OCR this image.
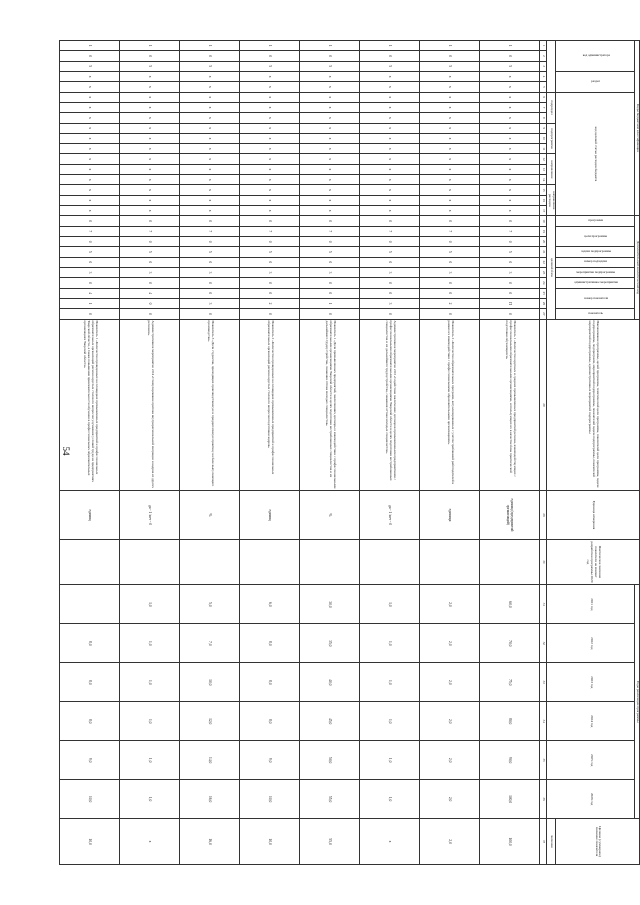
54
Коды бюджетной классификации																	Дополнительный аналитический код										Наименование программы, целей программы, тематической цели программы, показателей цели программы, задачи подпрограммы, подпрограмм, мероприятий подпрограммы, показателей задачи подпрограммы, показателей мероприятий подпрограммы, административных мероприятий подпрограммы	Единица измерения	Фактическое значение показателя на момент разработки программы 2020 год	Годы реализации программы						Целевое (суммарное) значение показателя
код администратора			раздел		код целевой статьи расходов бюджета												программа	цели программы		задачи подпрограммы	номер подзадачи	мероприятие подпрограммы	административное мероприятие	номер показателя		показатель				2021 год	2022 год	2023 год	2024 год	2025 год	2026 год	
					подраздел			подпрограмма			направление			направление расходов			целевой блок																			значение
1	2	3	4	5	6	7	8	9	10	11	12	13	14	15	16	17	18	19	20	21	22	23	24	25	26	27	28	29	30	31	32	33	34	35	36	37
1	0	5	х	х	х	х	х	х	х	х	х	х	х	х	х	х	0	7	0	5	0	3	0	0	П	0	Показатель 1 «Количество крупных и средних промышленных предприятий региона, взаимодействующих с профессиональными образовательными организациями, использующих их в качестве базы практической подготовки обучающихся»	единиц (предприятий организаций)		60,0	70,0	75,0	80,0	90,0	100,0	100,0
1	0	5	х	х	х	х	х	х	х	х	х	х	х	х	х	х	0	7	0	5	0	3	0	0	2	0	Показатель 2 «Количество образовательных программ, актуализированных с учетом требований работодателей в рамках их взаимодействия с профессиональными образовательными организациями»	единица		2,0	2,0	2,0	2,0	2,0	2,0	2,0
1	0	5	х	х	х	х	х	х	х	х	х	х	х	х	х	х	0	7	0	5	0	3	0	0	3	0	Административное мероприятие 2.03 «Содействие заключению договоров промышленными предприятиями с профессиональными образовательными организациями Тверской области в целях подготовки востребованных специалистов и их дальнейшего трудоустройства, снижения оттока молодых специалистов»	да - 1 /нет - 0		1,0	1,0	1,0	1,0	1,0	1,0	х
1	0	5	х	х	х	х	х	х	х	х	х	х	х	х	х	х	0	7	0	5	0	3	0	0	1	0	Показатель 1 «Доля промышленных предприятий, заключивших договоры о взаимодействии с профессиональными образовательными организациями Тверской области в целях подготовки востребованных специалистов и их дальнейшего трудоустройства, снижения оттока молодых специалистов»	%		30,0	35,0	40,0	45,0	50,0	55,0	55,0
1	0	5	х	х	х	х	х	х	х	х	х	х	х	х	х	х	0	7	0	5	0	3	0	0	2	0	Показатель 2 «Количество проведенных на площадках промышленных предприятий и профессиональных образовательных организаций региона круглых столов по вопросам подготовки кадров»	единиц		6,0	8,0	8,0	8,0	9,0	10,0	10,0
1	0	5	х	х	х	х	х	х	х	х	х	х	х	х	х	х	0	7	0	5	0	3	0	0	3	0	Показатель 3 «Доля студентов, проходящих производственную и преддипломную практику на базе выпускающего производства»	%		5,0	7,0	10,0	12,0	14,0	16,0	16,0
1	0	5	х	х	х	х	х	х	х	х	х	х	х	х	х	х	0	7	0	5	0	3	0	4	0	0	Административное мероприятие 2.04 «Стимулирование притока внутрирегиональной миграции и кадров из других регионов»	да - 1 /нет - 0		1,0	1,0	1,0	1,0	1,0	1,0	х
1	0	5	х	х	х	х	х	х	х	х	х	х	х	х	х	х	0	7	0	5	0	3	0	4	1	0	Показатель 1 «Количество проведенных на площадках промышленных предприятий и профессиональных образовательных организаций региона круглых столов по вопросам улучшения условий труда на предприятиях Тверской области, а также повышения привлекательности обучения в профессиональных образовательных организациях Тверской области»	единиц			8,0	8,0	8,0	9,0	10,0	10,0
